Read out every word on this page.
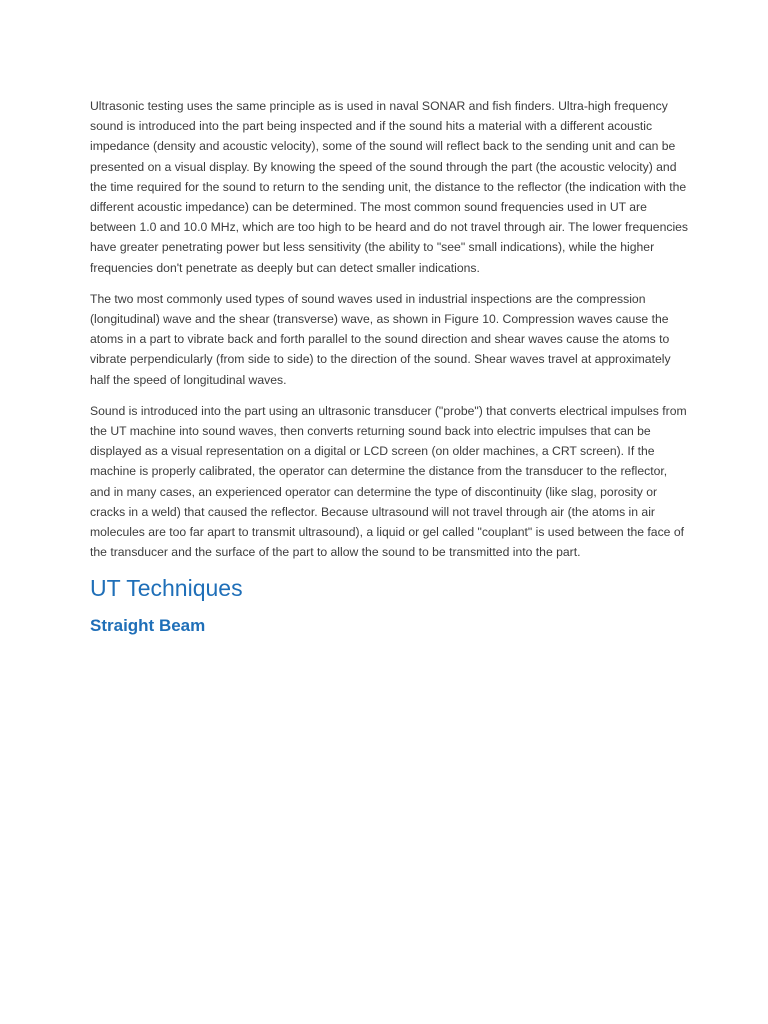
Ultrasonic testing uses the same principle as is used in naval SONAR and fish finders. Ultra-high frequency sound is introduced into the part being inspected and if the sound hits a material with a different acoustic impedance (density and acoustic velocity), some of the sound will reflect back to the sending unit and can be presented on a visual display. By knowing the speed of the sound through the part (the acoustic velocity) and the time required for the sound to return to the sending unit, the distance to the reflector (the indication with the different acoustic impedance) can be determined. The most common sound frequencies used in UT are between 1.0 and 10.0 MHz, which are too high to be heard and do not travel through air. The lower frequencies have greater penetrating power but less sensitivity (the ability to "see" small indications), while the higher frequencies don't penetrate as deeply but can detect smaller indications.

The two most commonly used types of sound waves used in industrial inspections are the compression (longitudinal) wave and the shear (transverse) wave, as shown in Figure 10. Compression waves cause the atoms in a part to vibrate back and forth parallel to the sound direction and shear waves cause the atoms to vibrate perpendicularly (from side to side) to the direction of the sound. Shear waves travel at approximately half the speed of longitudinal waves.

Sound is introduced into the part using an ultrasonic transducer ("probe") that converts electrical impulses from the UT machine into sound waves, then converts returning sound back into electric impulses that can be displayed as a visual representation on a digital or LCD screen (on older machines, a CRT screen). If the machine is properly calibrated, the operator can determine the distance from the transducer to the reflector, and in many cases, an experienced operator can determine the type of discontinuity (like slag, porosity or cracks in a weld) that caused the reflector. Because ultrasound will not travel through air (the atoms in air molecules are too far apart to transmit ultrasound), a liquid or gel called "couplant" is used between the face of the transducer and the surface of the part to allow the sound to be transmitted into the part.

UT Techniques
Straight Beam
